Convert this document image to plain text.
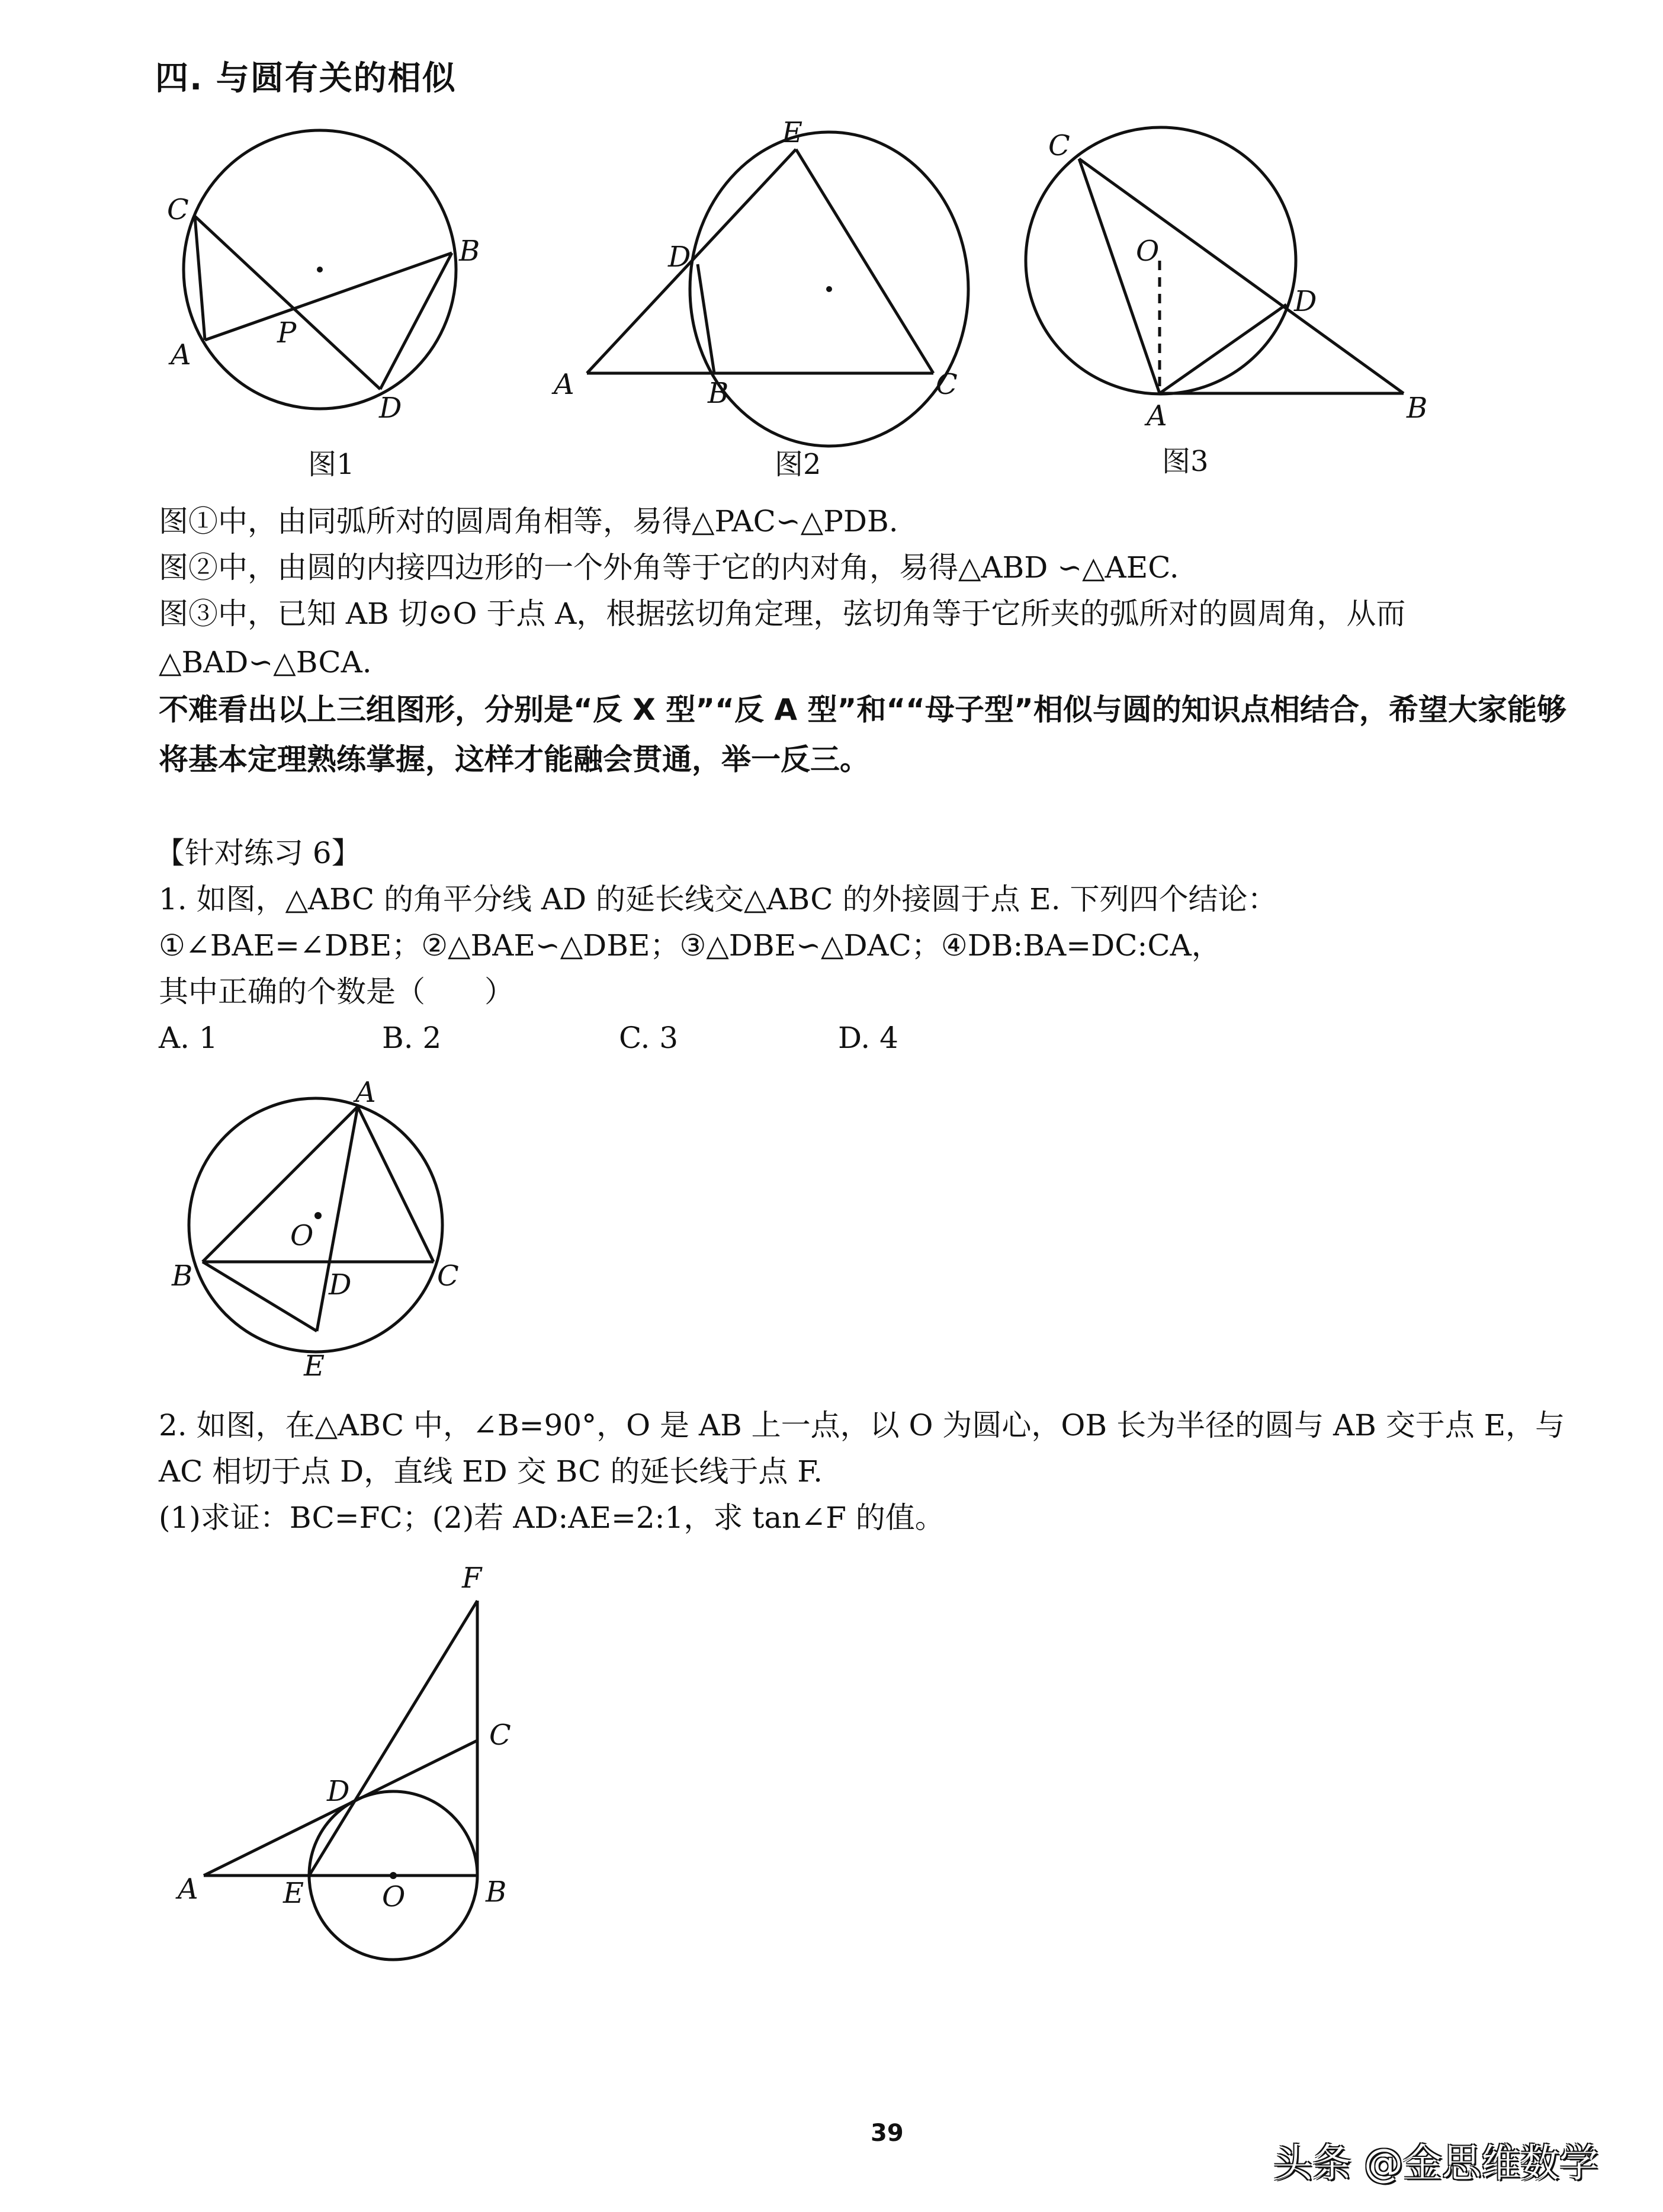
四. 与圆有关的相似
C
B
A
P
D
E
D
A	B	C
C
O
D
A	B
图1	图2	图3
图①中，由同弧所对的圆周角相等，易得△PAC∽△PDB.
图②中，由圆的内接四边形的一个外角等于它的内对角，易得△ABD ∽△AEC.
图③中，已知 AB 切⊙O 于点 A，根据弦切角定理，弦切角等于它所夹的弧所对的圆周角，从而
△BAD∽△BCA.
不难看出以上三组图形，分别是“反 X 型”“反 A 型”和““母子型”相似与圆的知识点相结合，希望大家能够
将基本定理熟练掌握，这样才能融会贯通，举一反三。
【针对练习 6】
1. 如图，△ABC 的角平分线 AD 的延长线交△ABC 的外接圆于点 E. 下列四个结论：
①∠BAE=∠DBE；②△BAE∽△DBE；③△DBE∽△DAC；④DB:BA=DC:CA，
其中正确的个数是（　　）
A. 1	B. 2	C. 3	D. 4
A
B	C
D
E
O
2. 如图，在△ABC 中，∠B=90°，O 是 AB 上一点，以 O 为圆心，OB 长为半径的圆与 AB 交于点 E，与
AC 相切于点 D，直线 ED 交 BC 的延长线于点 F.
(1)求证：BC=FC；(2)若 AD:AE=2:1，求 tan∠F 的值。
F
C
D
A	E	O	B
39
头条 @金思维数学
